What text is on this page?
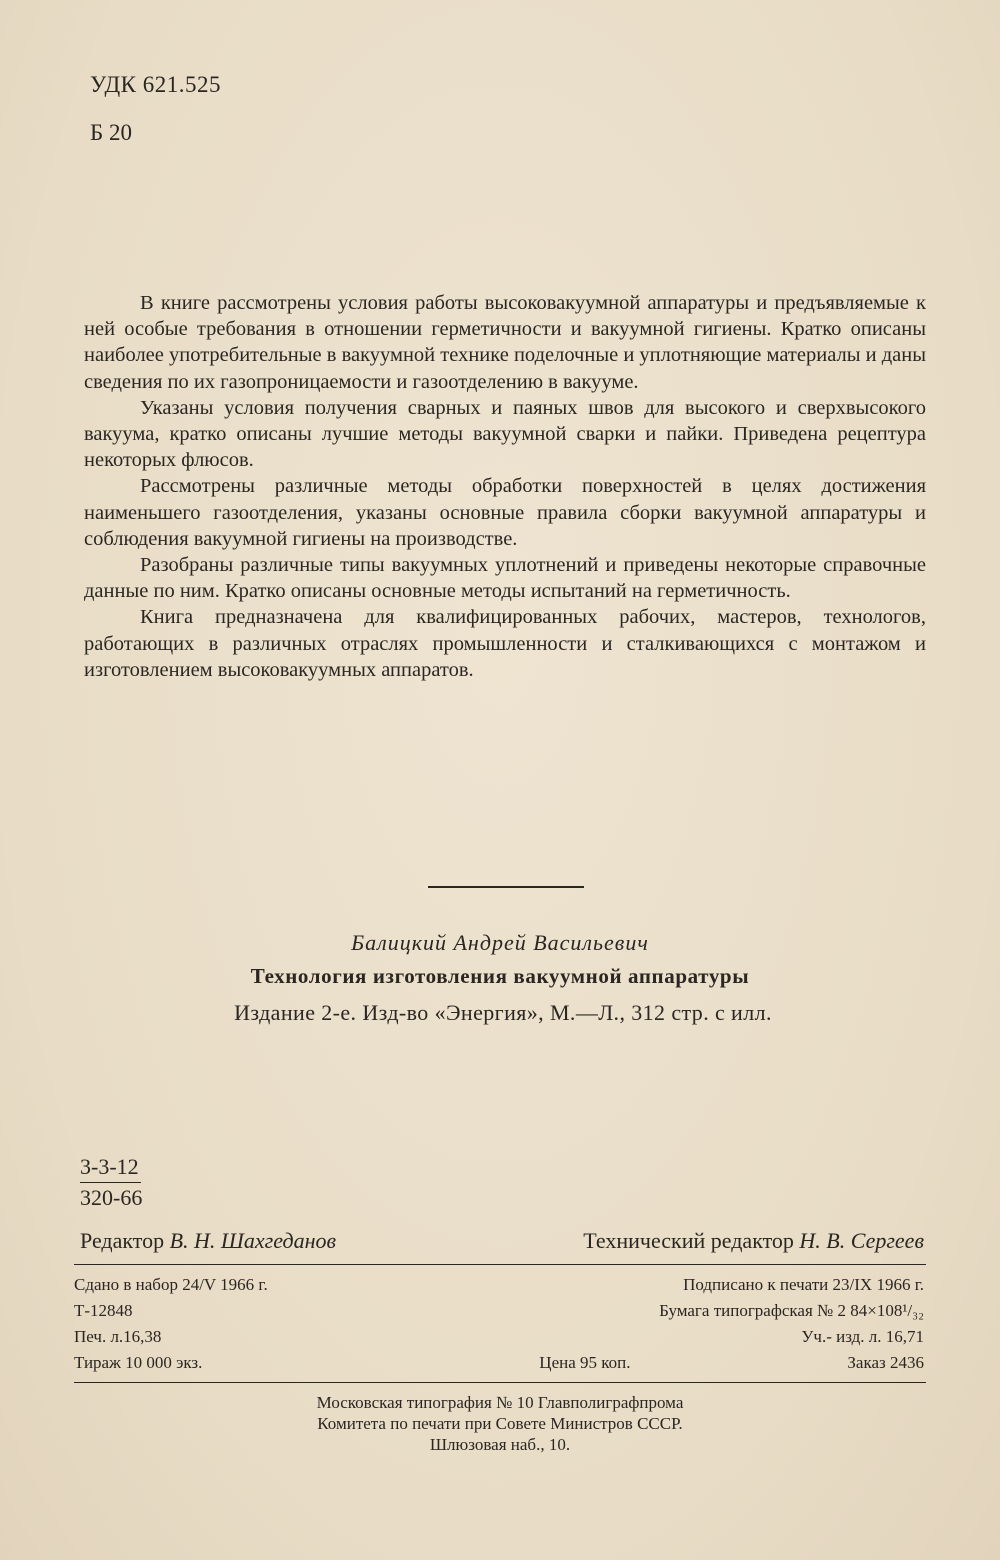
УДК 621.525
Б 20

В книге рассмотрены условия работы высоковакуумной аппаратуры и предъявляемые к ней особые требования в отношении герметичности и вакуумной гигиены. Кратко описаны наиболее употребительные в вакуумной технике поделочные и уплотняющие материалы и даны сведения по их газопроницаемости и газоотделению в вакууме.

Указаны условия получения сварных и паяных швов для высокого и сверхвысокого вакуума, кратко описаны лучшие методы вакуумной сварки и пайки. Приведена рецептура некоторых флюсов.

Рассмотрены различные методы обработки поверхностей в целях достижения наименьшего газоотделения, указаны основные правила сборки вакуумной аппаратуры и соблюдения вакуумной гигиены на производстве.

Разобраны различные типы вакуумных уплотнений и приведены некоторые справочные данные по ним. Кратко описаны основные методы испытаний на герметичность.

Книга предназначена для квалифицированных рабочих, мастеров, технологов, работающих в различных отраслях промышленности и сталкивающихся с монтажом и изготовлением высоковакуумных аппаратов.

Балицкий Андрей Васильевич
Технология изготовления вакуумной аппаратуры
Издание 2-е. Изд-во «Энергия», М.—Л., 312 стр. с илл.
3-3-12
320-66
Редактор В. Н. Шахгеданов	Технический редактор Н. В. Сергеев
Сдано в набор 24/V 1966 г.	Подписано к печати 23/IX 1966 г.
Т-12848	Бумага типографская № 2 84×108¹/₃₂
Печ. л.16,38	Уч.- изд. л. 16,71
Тираж 10 000 экз.	Цена 95 коп.	Заказ 2436
Московская типография № 10 Главполиграфпрома
Комитета по печати при Совете Министров СССР.
Шлюзовая наб., 10.
